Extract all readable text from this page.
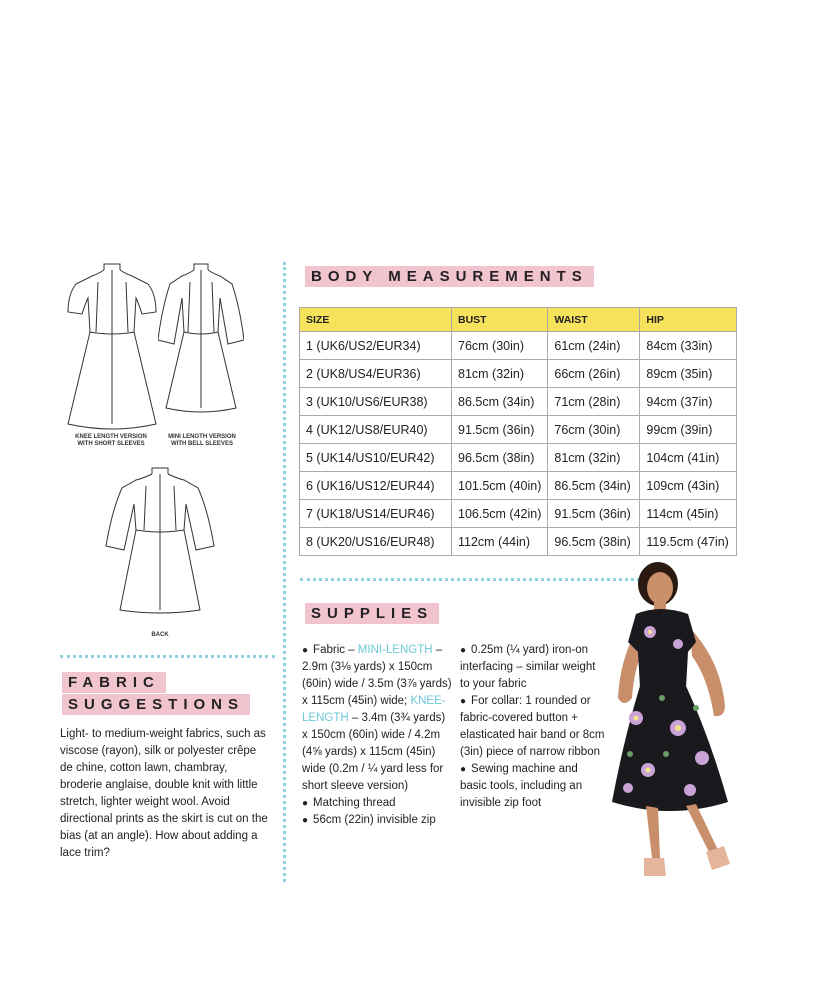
KNEE LENGTH VERSION
WITH SHORT SLEEVES
MINI LENGTH VERSION
WITH BELL SLEEVES
BACK
BODY MEASUREMENTS
SIZE	BUST	WAIST	HIP
1 (UK6/US2/EUR34)	76cm (30in)	61cm (24in)	84cm (33in)
2 (UK8/US4/EUR36)	81cm (32in)	66cm (26in)	89cm (35in)
3 (UK10/US6/EUR38)	86.5cm (34in)	71cm (28in)	94cm (37in)
4 (UK12/US8/EUR40)	91.5cm (36in)	76cm (30in)	99cm (39in)
5 (UK14/US10/EUR42)	96.5cm (38in)	81cm (32in)	104cm (41in)
6 (UK16/US12/EUR44)	101.5cm (40in)	86.5cm (34in)	109cm (43in)
7 (UK18/US14/EUR46)	106.5cm (42in)	91.5cm (36in)	114cm (45in)
8 (UK20/US16/EUR48)	112cm (44in)	96.5cm (38in)	119.5cm (47in)
SUPPLIES
● Fabric – MINI-LENGTH – 2.9m (3⅛ yards) x 150cm (60in) wide / 3.5m (3⅞ yards) x 115cm (45in) wide; KNEE-LENGTH – 3.4m (3¾ yards) x 150cm (60in) wide / 4.2m (4⅝ yards) x 115cm (45in) wide (0.2m / ¼ yard less for short sleeve version)
● Matching thread
● 56cm (22in) invisible zip
● 0.25m (¼ yard) iron-on interfacing – similar weight to your fabric
● For collar: 1 rounded or fabric-covered button + elasticated hair band or 8cm (3in) piece of narrow ribbon
● Sewing machine and basic tools, including an invisible zip foot
FABRIC
SUGGESTIONS
Light- to medium-weight fabrics, such as viscose (rayon), silk or polyester crêpe de chine, cotton lawn, chambray, broderie anglaise, double knit with little stretch, lighter weight wool. Avoid directional prints as the skirt is cut on the bias (at an angle). How about adding a lace trim?
